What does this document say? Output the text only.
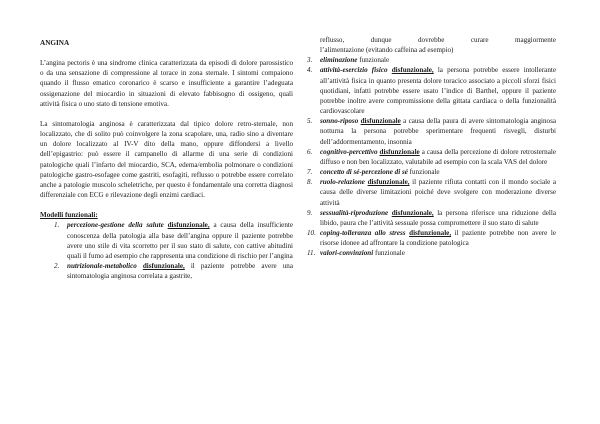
ANGINA

L’angina pectoris è una sindrome clinica caratterizzata da episodi di dolore parossistico o da una sensazione di compressione al torace in zona sternale. I sintomi compaiono quando il flusso ematico coronarico è scarso e insufficiente a garantire l’adeguata ossigenazione del miocardio in situazioni di elevato fabbisogno di ossigeno, quali attività fisica o uno stato di tensione emotiva.

La sintomatologia anginosa è caratterizzata dal tipico dolore retro-sternale, non localizzato, che di solito può coinvolgere la zona scapolare, una, radio sino a diventare un dolore localizzato al IV-V dito della mano, oppure diffondersi a livello dell’epigastrio: può essere il campanello di allarme di una serie di condizioni patologiche quali l’infarto del miocardio, SCA, edema/embolia polmonare o condizioni patologiche gastro-esofagee come gastriti, esofagiti, reflusso o potrebbe essere correlato anche a patologie muscolo scheletriche, per questo è fondamentale una corretta diagnosi differenziale con ECG e rilevazione degli enzimi cardiaci.

Modelli funzionali:
1. percezione-gestione della salute disfunzionale, a causa della insufficiente conoscenza della patologia alla base dell’angina oppure il paziente potrebbe avere uno stile di vita scorretto per il suo stato di salute, con cattive abitudini quali il fumo ad esempio che rappresenta una condizione di rischio per l’angina
2. nutrizionale-metabolico disfunzionale, il paziente potrebbe avere una sintomatologia anginosa correlata a gastrite,
reflusso,	dunque	dovrebbe	curare	maggiormente
l’alimentazione (evitando caffeina ad esempio)
3. eliminazione funzionale
4. attività-esercizio fisico disfunzionale, la persona potrebbe essere intollerante all’attività fisica in quanto presenta dolore toracico associato a piccoli sforzi fisici quotidiani, infatti potrebbe essere usato l’indice di Barthel, oppure il paziente potrebbe inoltre avere compromissione della gittata cardiaca o della funzionalità cardiovascolare
5. sonno-riposo disfunzionale a causa della paura di avere sintomatologia anginosa notturna la persona potrebbe sperimentare frequenti risvegli, disturbi dell’addormentamento, insonnia
6. cognitivo-percettivo disfunzionale a causa della percezione di dolore retrosternale diffuso e non ben localizzato, valutabile ad esempio con la scala VAS del dolore
7. concetto di sé-percezione di sé funzionale
8. ruolo-relazione disfunzionale, il paziente rifiuta contatti con il mondo sociale a causa delle diverse limitazioni poiché deve svolgere con moderazione diverse attività
9. sessualità-riproduzione disfunzionale, la persona riferisce una riduzione della libido, paura che l’attività sessuale possa compromettere il suo stato di salute
10. coping-tolleranza allo stress disfunzionale, il paziente potrebbe non avere le risorse idonee ad affrontare la condizione patologica
11. valori-convinzioni funzionale
